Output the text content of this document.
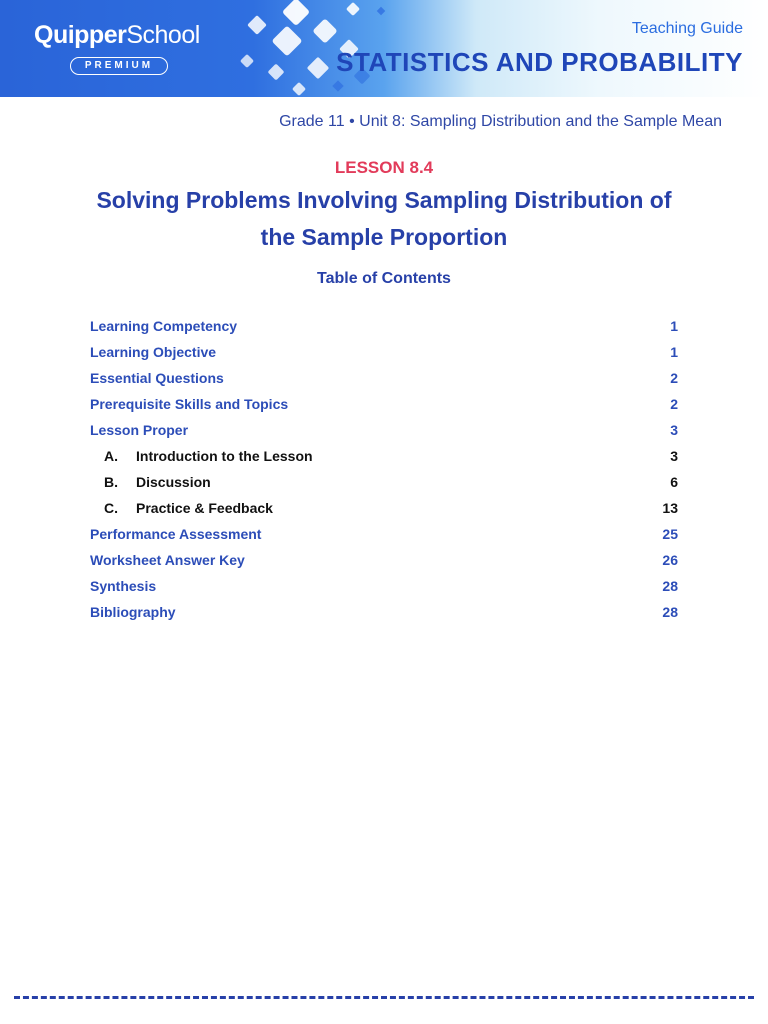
QuipperSchool
PREMIUM
Teaching Guide
STATISTICS AND PROBABILITY
Grade 11 • Unit 8: Sampling Distribution and the Sample Mean
LESSON 8.4
Solving Problems Involving Sampling Distribution of the Sample Proportion
Table of Contents
Learning Competency	1
Learning Objective	1
Essential Questions	2
Prerequisite Skills and Topics	2
Lesson Proper	3
A. Introduction to the Lesson	3
B. Discussion	6
C. Practice & Feedback	13
Performance Assessment	25
Worksheet Answer Key	26
Synthesis	28
Bibliography	28
